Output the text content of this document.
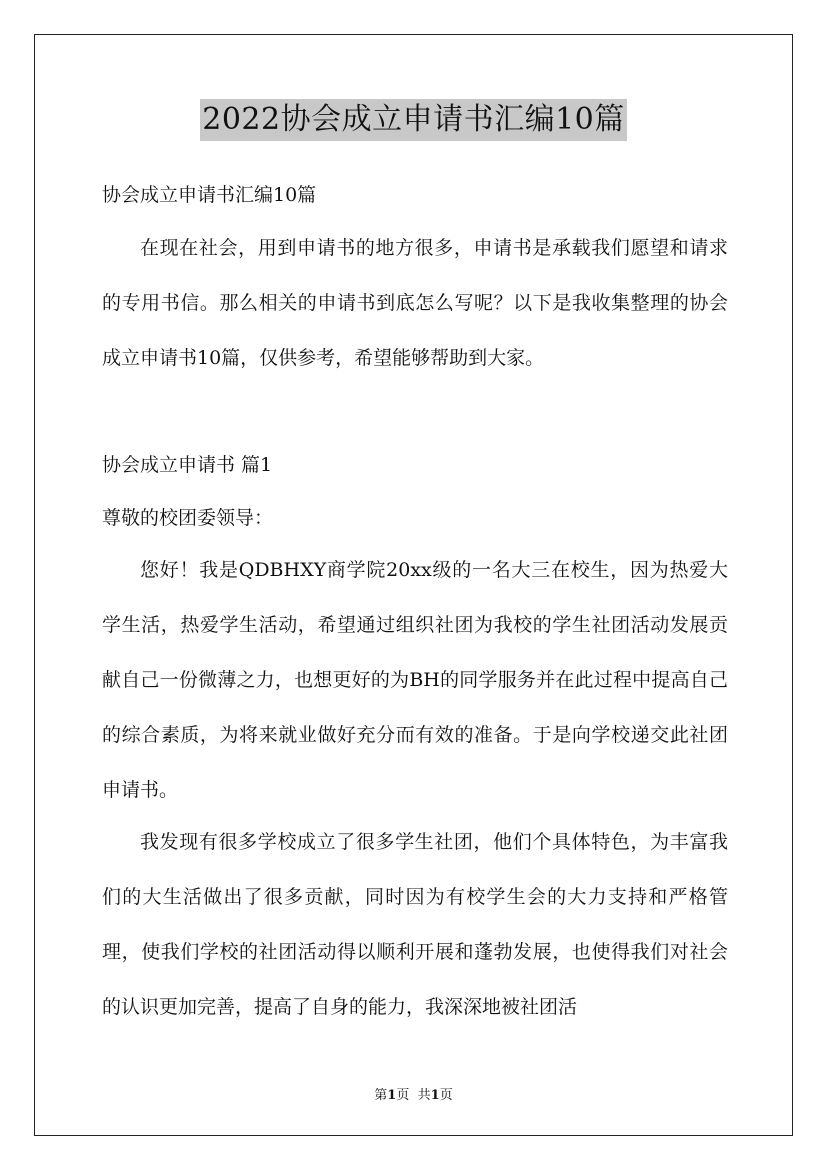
2022协会成立申请书汇编10篇
协会成立申请书汇编10篇
在现在社会，用到申请书的地方很多，申请书是承载我们愿望和请求的专用书信。那么相关的申请书到底怎么写呢？以下是我收集整理的协会成立申请书10篇，仅供参考，希望能够帮助到大家。
协会成立申请书 篇1
尊敬的校团委领导：
您好！我是QDBHXY商学院20xx级的一名大三在校生，因为热爱大学生活，热爱学生活动，希望通过组织社团为我校的学生社团活动发展贡献自己一份微薄之力，也想更好的为BH的同学服务并在此过程中提高自己的综合素质，为将来就业做好充分而有效的准备。于是向学校递交此社团申请书。
我发现有很多学校成立了很多学生社团，他们个具体特色，为丰富我们的大生活做出了很多贡献，同时因为有校学生会的大力支持和严格管理，使我们学校的社团活动得以顺利开展和蓬勃发展，也使得我们对社会的认识更加完善，提高了自身的能力，我深深地被社团活
第1页 共1页
